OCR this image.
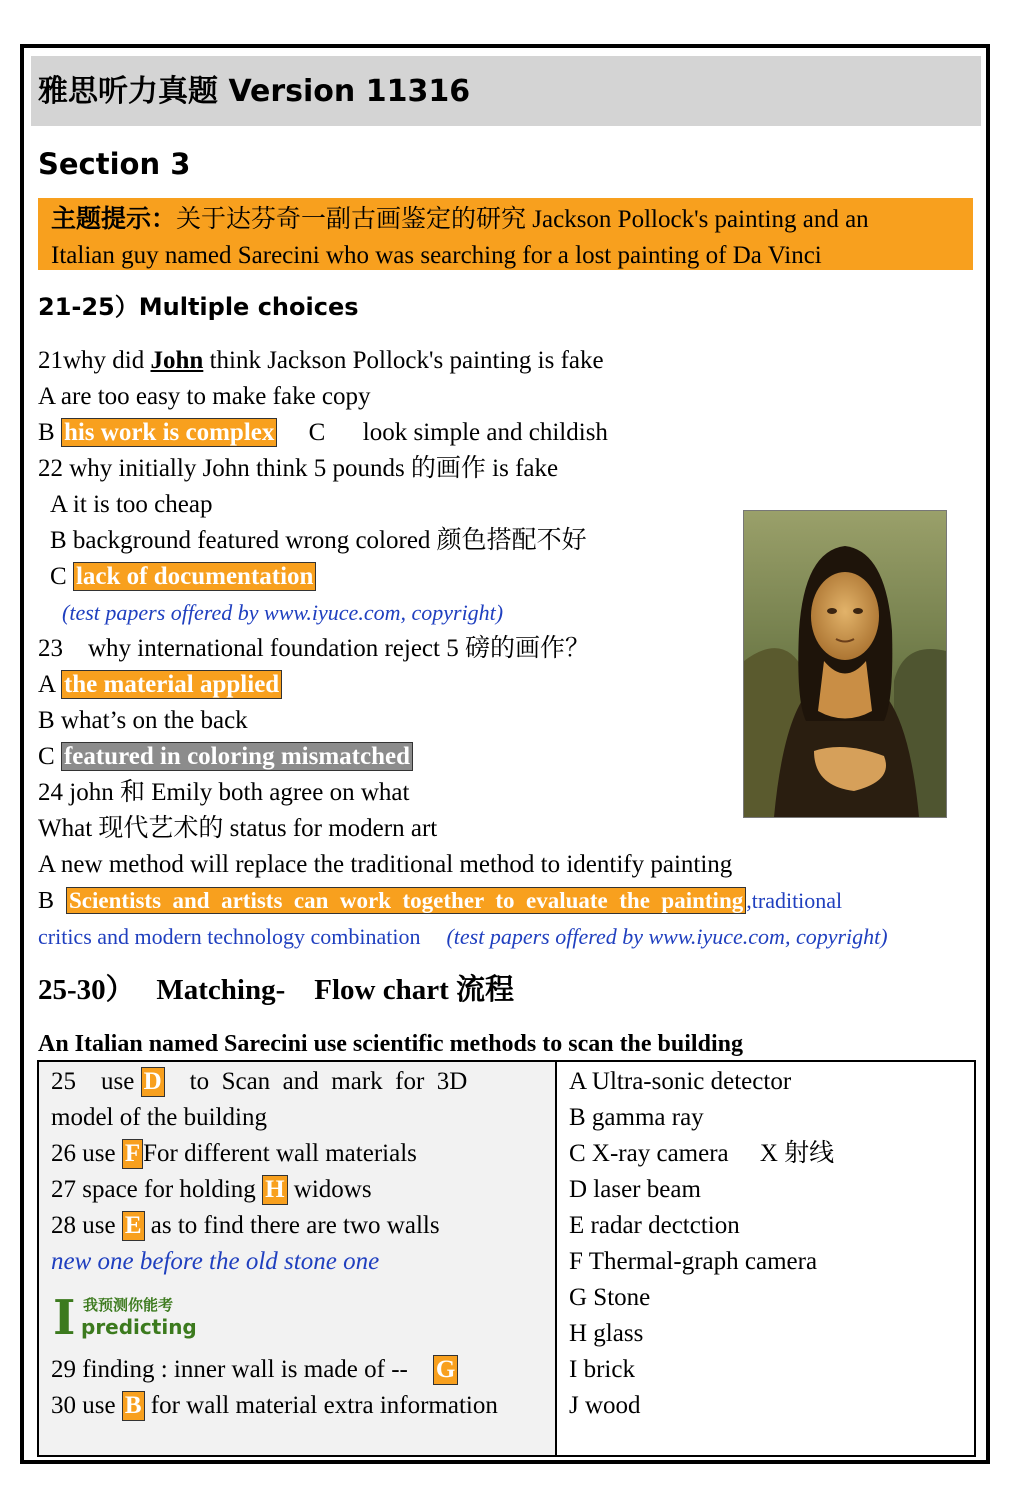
雅思听力真题 Version 11316
Section 3
主题提示：关于达芬奇一副古画鉴定的研究 Jackson Pollock's painting and an
Italian guy named Sarecini who was searching for a lost painting of Da Vinci
21-25）Multiple choices
21why did John think Jackson Pollock's painting is fake
A are too easy to make fake copy
B his work is complex     C      look simple and childish
22 why initially John think 5 pounds 的画作 is fake
A it is too cheap
B background featured wrong colored 颜色搭配不好
C lack of documentation
(test papers offered by www.iyuce.com, copyright)
23    why international foundation reject 5 磅的画作？
A the material applied
B what’s on the back
C featured in coloring mismatched
24 john 和 Emily both agree on what
What 现代艺术的 status for modern art
A new method will replace the traditional method to identify painting
B  Scientists  and  artists  can  work  together  to  evaluate  the  painting ,traditional
critics and modern technology combination (test papers offered by www.iyuce.com, copyright)
25-30）   Matching-    Flow chart 流程
An Italian named Sarecini use scientific methods to scan the building
25    use D    to  Scan  and  mark  for  3D
model of the building
26 use F For different wall materials
27 space for holding H widows
28 use E as to find there are two walls
new one before the old stone one
I 我预测你能考
predicting
29 finding : inner wall is made of --    G
30 use B for wall material extra information
A Ultra-sonic detector
B gamma ray
C X-ray camera     X 射线
D laser beam
E radar dectction
F Thermal-graph camera
G Stone
H glass
I brick
J wood
